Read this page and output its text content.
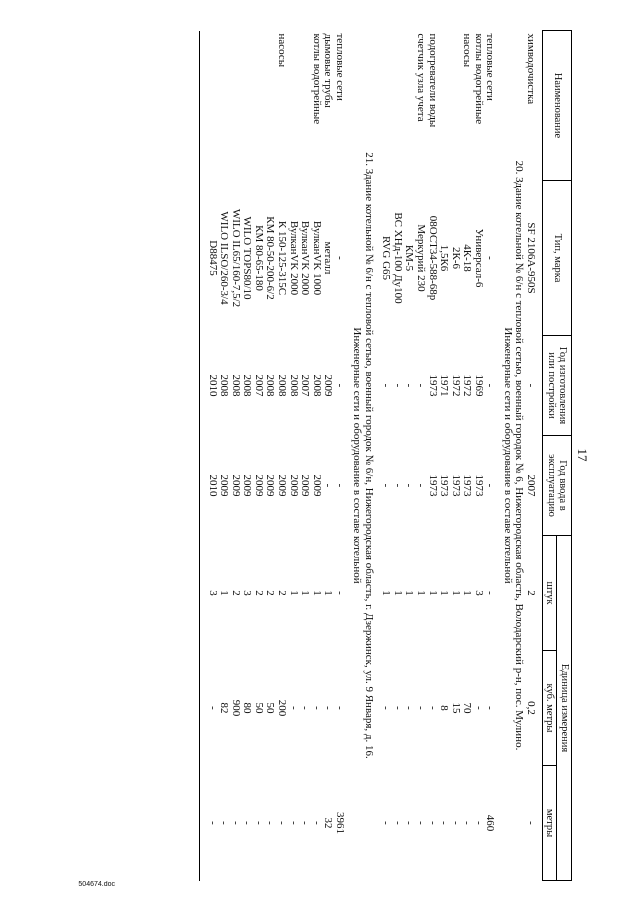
17
Наименование	Тип, марка	Год изготовления или постройки	Год ввода в эксплуатацию	Единица измерения		
				штук	куб. метры	метры

химводочистка	SF 2106A-950S	-	2007	2	0,2	-
20. Здание котельной № 6/н с тепловой сетью, военный городок № 6, Нижегородская область, Володарский р-н, пос. Мулино.						
Инженерные сети и оборудование в составе котельной						

тепловые сети	-	-	-	-	-	460
котлы водогрейные	Универсал-6	1969	1973	3	-	-
насосы	4К-18	1972	1973	1	70	-
	2К-6	1972	1973	1	15	-
	1,5К6	1971	1973	1	8	-
подогреватели воды	08ОСТ34-588-68р	1973	1973	1	-	-
счетчик узла учета	Меркурий 230	-	-	1	-	-
	КМ-5	-	-	1	-	-
	ВС ХНд-100 Ду100	-	-	1	-	-
	RVG G65	-	-	1	-	-

21. Здание котельной № 6/н с тепловой сетью, военный городок № 6/н, Нижегородская область, г. Дзержинск, ул. 9 Января, д. 16.						
Инженерные сети и оборудование в составе котельной						

тепловые сети	-	-	-	-	-	3961
дымовые трубы	металл	2009	-	1	-	32
котлы водогрейные	ВулканVK 1000	2008	2009	1	-	-
	ВулканVK 2000	2007	2009	1	-	-
	ВулканVK 2000	2008	2009	1	-	-
насосы	К 150-125-315С	2008	2009	2	200	-
	КМ 80-50-200-6/2	2008	2009	2	50	-
	КМ 80-65-180	2007	2009	2	50	-
	WILO TOPS80/10	2008	2009	3	80	-
	WILO IL65/160-7,5/2	2008	2009	2	900	-
	WILO ILSO/260-3/4	2008	2009	1	82	-
	D88475	2010	2010	3	-	-

504674.doc
